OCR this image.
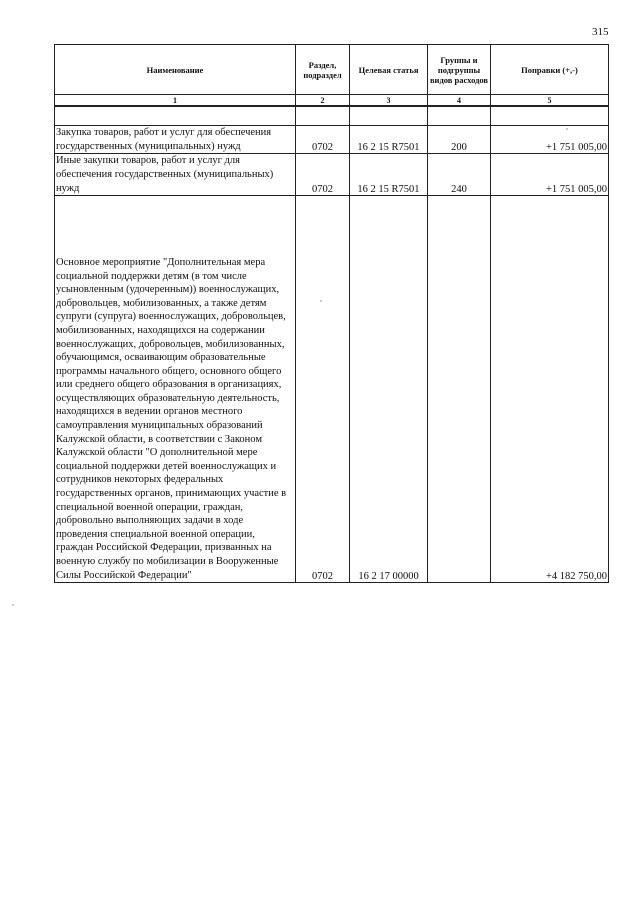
315
Наименование	Раздел, подраздел	Целевая статья	Группы и подгруппы видов расходов	Поправки (+,-)
1	2	3	4	5

Закупка товаров, работ и услуг для обеспечения государственных (муниципальных) нужд	0702	16 2 15 R7501	200	+1 751 005,00
Иные закупки товаров, работ и услуг для обеспечения государственных (муниципальных) нужд	0702	16 2 15 R7501	240	+1 751 005,00
Основное мероприятие "Дополнительная мера социальной поддержки детям (в том числе усыновленным (удочеренным)) военнослужащих, добровольцев, мобилизованных, а также детям супруги (супруга) военнослужащих, добровольцев, мобилизованных, находящихся на содержании военнослужащих, добровольцев, мобилизованных, обучающимся, осваивающим образовательные программы начального общего, основного общего или среднего общего образования в организациях, осуществляющих образовательную деятельность, находящихся в ведении органов местного самоуправления муниципальных образований Калужской области, в соответствии с Законом Калужской области "О дополнительной мере социальной поддержки детей военнослужащих и сотрудников некоторых федеральных государственных органов, принимающих участие в специальной военной операции, граждан, добровольно выполняющих задачи в ходе проведения специальной военной операции, граждан Российской Федерации, призванных на военную службу по мобилизации в Вооруженные Силы Российской Федерации"	0702	16 2 17 00000		+4 182 750,00
